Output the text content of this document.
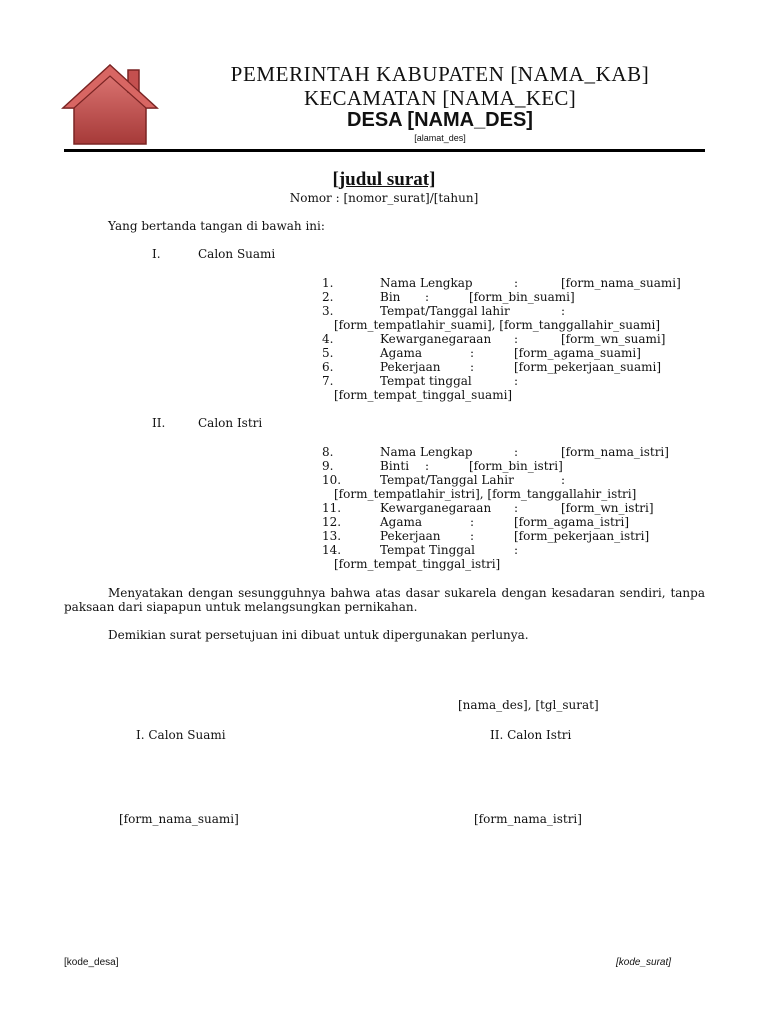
PEMERINTAH KABUPATEN [NAMA_KAB]
KECAMATAN [NAMA_KEC]
DESA [NAMA_DES]
[alamat_des]
[judul surat]
Nomor : [nomor_surat]/[tahun]
Yang bertanda tangan di bawah ini:
I.	Calon Suami
1.	Nama Lengkap	:	[form_nama_suami]
2.	Bin :	[form_bin_suami]
3.	Tempat/Tanggal lahir	:
[form_tempatlahir_suami], [form_tanggallahir_suami]
4.	Kewarganegaraan :	[form_wn_suami]
5.	Agama	:	[form_agama_suami]
6.	Pekerjaan :	[form_pekerjaan_suami]
7.	Tempat tinggal	:
[form_tempat_tinggal_suami]
II.	Calon Istri
8.	Nama Lengkap	:	[form_nama_istri]
9.	Binti :	[form_bin_istri]
10.	Tempat/Tanggal Lahir	:
[form_tempatlahir_istri], [form_tanggallahir_istri]
11.	Kewarganegaraan :	[form_wn_istri]
12.	Agama	:	[form_agama_istri]
13.	Pekerjaan :	[form_pekerjaan_istri]
14.	Tempat Tinggal	:
[form_tempat_tinggal_istri]
Menyatakan dengan sesungguhnya bahwa atas dasar sukarela dengan kesadaran sendiri, tanpa paksaan dari siapapun untuk melangsungkan pernikahan.
Demikian surat persetujuan ini dibuat untuk dipergunakan perlunya.
[nama_des], [tgl_surat]
I. Calon Suami	II. Calon Istri
[form_nama_suami]	[form_nama_istri]
[kode_desa]	[kode_surat]
